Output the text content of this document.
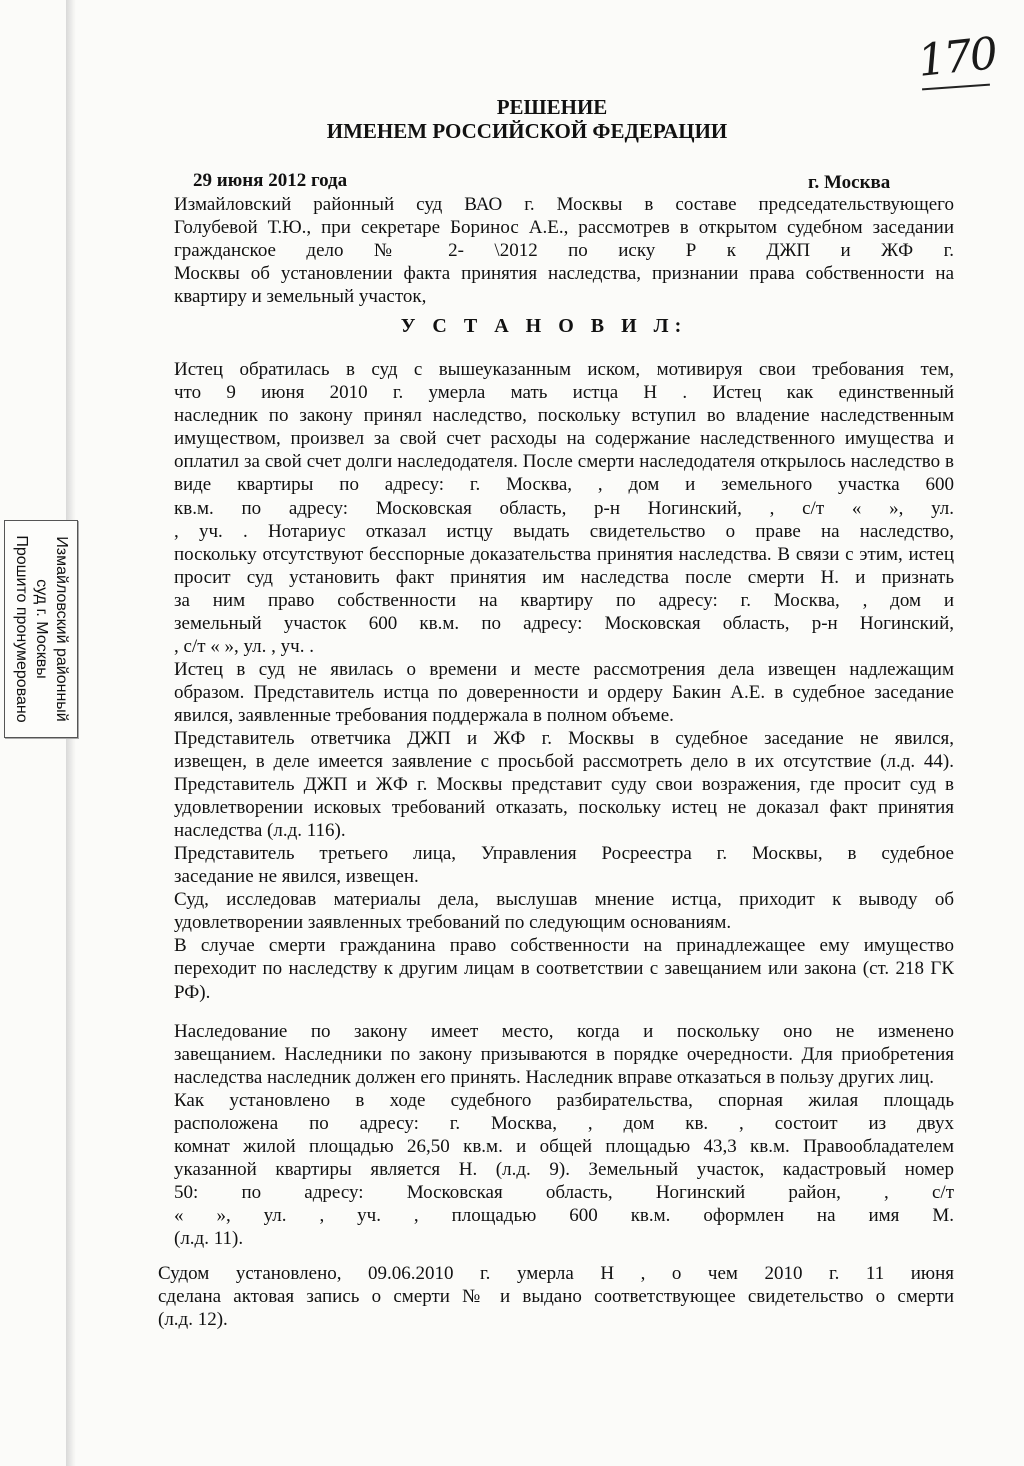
170
РЕШЕНИЕ
ИМЕНЕМ РОССИЙСКОЙ ФЕДЕРАЦИИ
29 июня 2012 года	г. Москва

Измайловский районный суд ВАО г. Москвы в составе председательствующего
Голубевой Т.Ю., при секретаре Боринос А.Е., рассмотрев в открытом судебном заседании
гражданское дело № 2- \2012 по иску Р к ДЖП и ЖФ г.
Москвы об установлении факта принятия наследства, признании права собственности на
квартиру и земельный участок,

У С Т А Н О В И Л:

Истец обратилась в суд с вышеуказанным иском, мотивируя свои требования тем,
что 9 июня 2010 г. умерла мать истца Н . Истец как единственный
наследник по закону принял наследство, поскольку вступил во владение наследственным
имуществом, произвел за свой счет расходы на содержание наследственного имущества и
оплатил за свой счет долги наследодателя. После смерти наследодателя открылось наследство в
виде квартиры по адресу: г. Москва, , дом и земельного участка 600
кв.м. по адресу: Московская область, р-н Ногинский, , с/т « », ул.
, уч. . Нотариус отказал истцу выдать свидетельство о праве на наследство,
поскольку отсутствуют бесспорные доказательства принятия наследства. В связи с этим, истец
просит суд установить факт принятия им наследства после смерти Н. и признать
за ним право собственности на квартиру по адресу: г. Москва, , дом и
земельный участок 600 кв.м. по адресу: Московская область, р-н Ногинский,
, с/т « », ул. , уч. .

Истец в суд не явилась о времени и месте рассмотрения дела извещен надлежащим
образом. Представитель истца по доверенности и ордеру Бакин А.Е. в судебное заседание
явился, заявленные требования поддержала в полном объеме.

Представитель ответчика ДЖП и ЖФ г. Москвы в судебное заседание не явился,
извещен, в деле имеется заявление с просьбой рассмотреть дело в их отсутствие (л.д. 44).
Представитель ДЖП и ЖФ г. Москвы представит суду свои возражения, где просит суд в
удовлетворении исковых требований отказать, поскольку истец не доказал факт принятия
наследства (л.д. 116).

Представитель третьего лица, Управления Росреестра г. Москвы, в судебное
заседание не явился, извещен.

Суд, исследовав материалы дела, выслушав мнение истца, приходит к выводу об
удовлетворении заявленных требований по следующим основаниям.

В случае смерти гражданина право собственности на принадлежащее ему имущество
переходит по наследству к другим лицам в соответствии с завещанием или закона (ст. 218 ГК
РФ).

Наследование по закону имеет место, когда и поскольку оно не изменено
завещанием. Наследники по закону призываются в порядке очередности. Для приобретения
наследства наследник должен его принять. Наследник вправе отказаться в пользу других лиц.

Как установлено в ходе судебного разбирательства, спорная жилая площадь
расположена по адресу: г. Москва, , дом кв. , состоит из двух
комнат жилой площадью 26,50 кв.м. и общей площадью 43,3 кв.м. Правообладателем
указанной квартиры является Н. (л.д. 9). Земельный участок, кадастровый номер
50: по адресу: Московская область, Ногинский район, , с/т
« », ул. , уч. , площадью 600 кв.м. оформлен на имя М.
(л.д. 11).

Судом установлено, 09.06.2010 г. умерла Н , о чем 2010 г. 11 июня
сделана актовая запись о смерти № и выдано соответствующее свидетельство о смерти
(л.д. 12).

Измайловский районный
суд г. Москвы
Прошито пронумеровано
